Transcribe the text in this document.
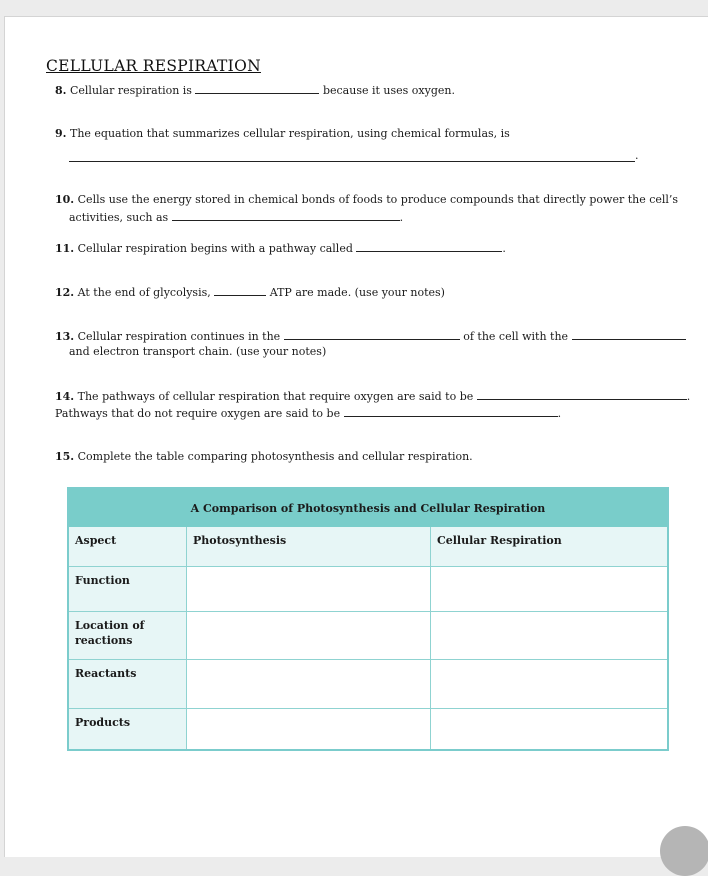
CELLULAR RESPIRATION
8. Cellular respiration is	because it uses oxygen.
9. The equation that summarizes cellular respiration, using chemical formulas, is
.
10. Cells use the energy stored in chemical bonds of foods to produce compounds that directly power the cell’s
activities, such as	.
11. Cellular respiration begins with a pathway called	.
12. At the end of glycolysis,	ATP are made. (use your notes)
13. Cellular respiration continues in the	of the cell with the
and electron transport chain. (use your notes)
14. The pathways of cellular respiration that require oxygen are said to be	.
Pathways that do not require oxygen are said to be	.
15. Complete the table comparing photosynthesis and cellular respiration.
A Comparison of Photosynthesis and Cellular Respiration
Aspect	Photosynthesis	Cellular Respiration
Function
Location of reactions
Reactants
Products
